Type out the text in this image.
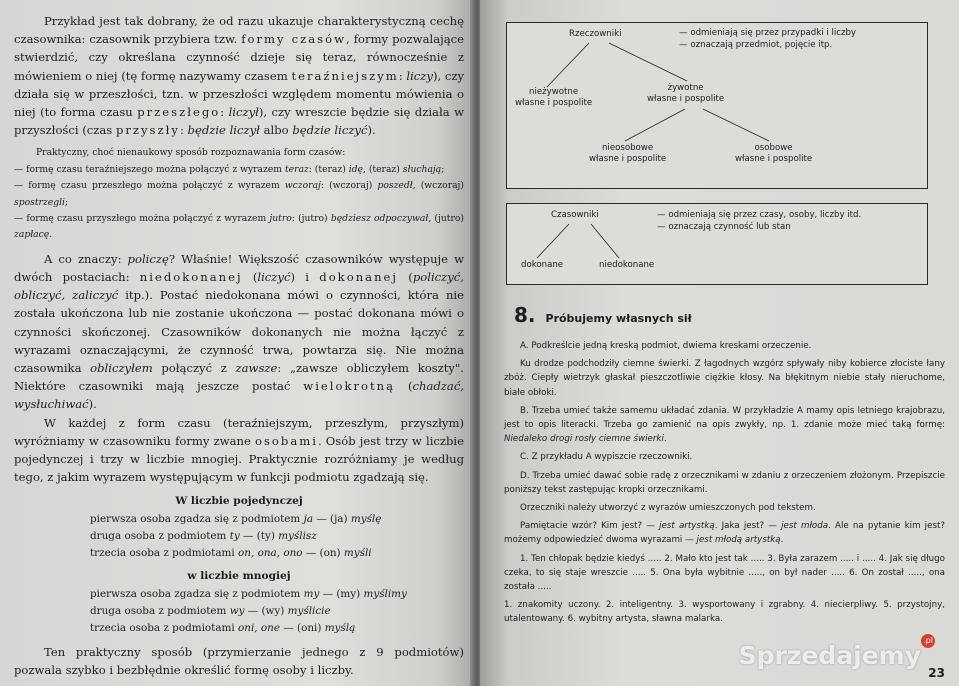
Przykład jest tak dobrany, że od razu ukazuje charakterystyczną cechę czasownika: czasownik przybiera tzw. formy czasów, formy pozwalające stwierdzić, czy określana czynność dzieje się teraz, równocześnie z mówieniem o niej (tę formę nazywamy czasem teraźniejszym: liczy), czy działa się w przeszłości, tzn. w przeszłości względem momentu mówienia o niej (to forma czasu przeszłego: liczył), czy wreszcie będzie się działa w przyszłości (czas przyszły: będzie liczył albo będzie liczyć).

Praktyczny, choć nienaukowy sposób rozpoznawania form czasów:

— formę czasu teraźniejszego można połączyć z wyrazem teraz: (teraz) idę, (teraz) słuchają;

— formę czasu przeszłego można połączyć z wyrazem wczoraj: (wczoraj) poszedł, (wczoraj) spostrzegli;

— formę czasu przyszłego można połączyć z wyrazem jutro: (jutro) będziesz odpoczywał, (jutro) zapłacę.

A co znaczy: policzę? Właśnie! Większość czasowników występuje w dwóch postaciach: niedokonanej (liczyć) i dokonanej (policzyć, obliczyć, zaliczyć itp.). Postać niedokonana mówi o czynności, która nie została ukończona lub nie zostanie ukończona — postać dokonana mówi o czynności skończonej. Czasowników dokonanych nie można łączyć z wyrazami oznaczającymi, że czynność trwa, powtarza się. Nie można czasownika obliczyłem połączyć z zawsze: „zawsze obliczyłem koszty". Niektóre czasowniki mają jeszcze postać wielokrotną (chadzać, wysłuchiwać).

W każdej z form czasu (teraźniejszym, przeszłym, przyszłym) wyróżniamy w czasowniku formy zwane osobami. Osób jest trzy w liczbie pojedynczej i trzy w liczbie mnogiej. Praktycznie rozróżniamy je według tego, z jakim wyrazem występującym w funkcji podmiotu zgadzają się.

W liczbie pojedynczej

pierwsza osoba zgadza się z podmiotem ja — (ja) myślę

druga osoba z podmiotem ty — (ty) myślisz

trzecia osoba z podmiotami on, ona, ono — (on) myśli

w liczbie mnogiej

pierwsza osoba zgadza się z podmiotem my — (my) myślimy

druga osoba z podmiotem wy — (wy) myślicie

trzecia osoba z podmiotami oni, one — (oni) myślą

Ten praktyczny sposób (przymierzanie jednego z 9 podmiotów) pozwala szybko i bezbłędnie określić formę osoby i liczby.

Rzeczowniki	— odmieniają się przez przypadki i liczby
— oznaczają przedmiot, pojęcie itp.
nieżywotne
własne i pospolite
żywotne
własne i pospolite
nieosobowe
własne i pospolite
osobowe
własne i pospolite
Czasowniki	— odmieniają się przez czasy, osoby, liczby itd.
— oznaczają czynność lub stan
dokonane	niedokonane
8. Próbujemy własnych sił

A. Podkreślcie jedną kreską podmiot, dwiema kreskami orzeczenie.

Ku drodze podchodziły ciemne świerki. Z łagodnych wzgórz spływały niby kobierce złociste łany zbóż. Ciepły wietrzyk głaskał pieszczotliwie ciężkie kłosy. Na błękitnym niebie stały nieruchome, białe obłoki.

B. Trzeba umieć także samemu układać zdania. W przykładzie A mamy opis letniego krajobrazu, jest to opis literacki. Trzeba go zamienić na opis zwykły, np. 1. zdanie może mieć taką formę: Niedaleko drogi rosły ciemne świerki.

C. Z przykładu A wypiszcie rzeczowniki.

D. Trzeba umieć dawać sobie radę z orzecznikami w zdaniu z orzeczeniem złożonym. Przepiszcie poniższy tekst zastępując kropki orzecznikami.

Orzeczniki należy utworzyć z wyrazów umieszczonych pod tekstem.

Pamiętacie wzór? Kim jest? — jest artystką. Jaka jest? — jest młoda. Ale na pytanie kim jest? możemy odpowiedzieć dwoma wyrazami — jest młodą artystką.

1. Ten chłopak będzie kiedyś ..... 2. Mało kto jest tak ..... 3. Była zarazem ..... i ..... 4. Jak się długo czeka, to się staje wreszcie ..... 5. Ona była wybitnie ....., on był nader ..... 6. On został ....., ona została .....

1. znakomity uczony. 2. inteligentny. 3. wysportowany i zgrabny. 4. niecierpliwy. 5. przystojny, utalentowany. 6. wybitny artysta, sławna malarka.

23
Sprzedajemy
.pl
